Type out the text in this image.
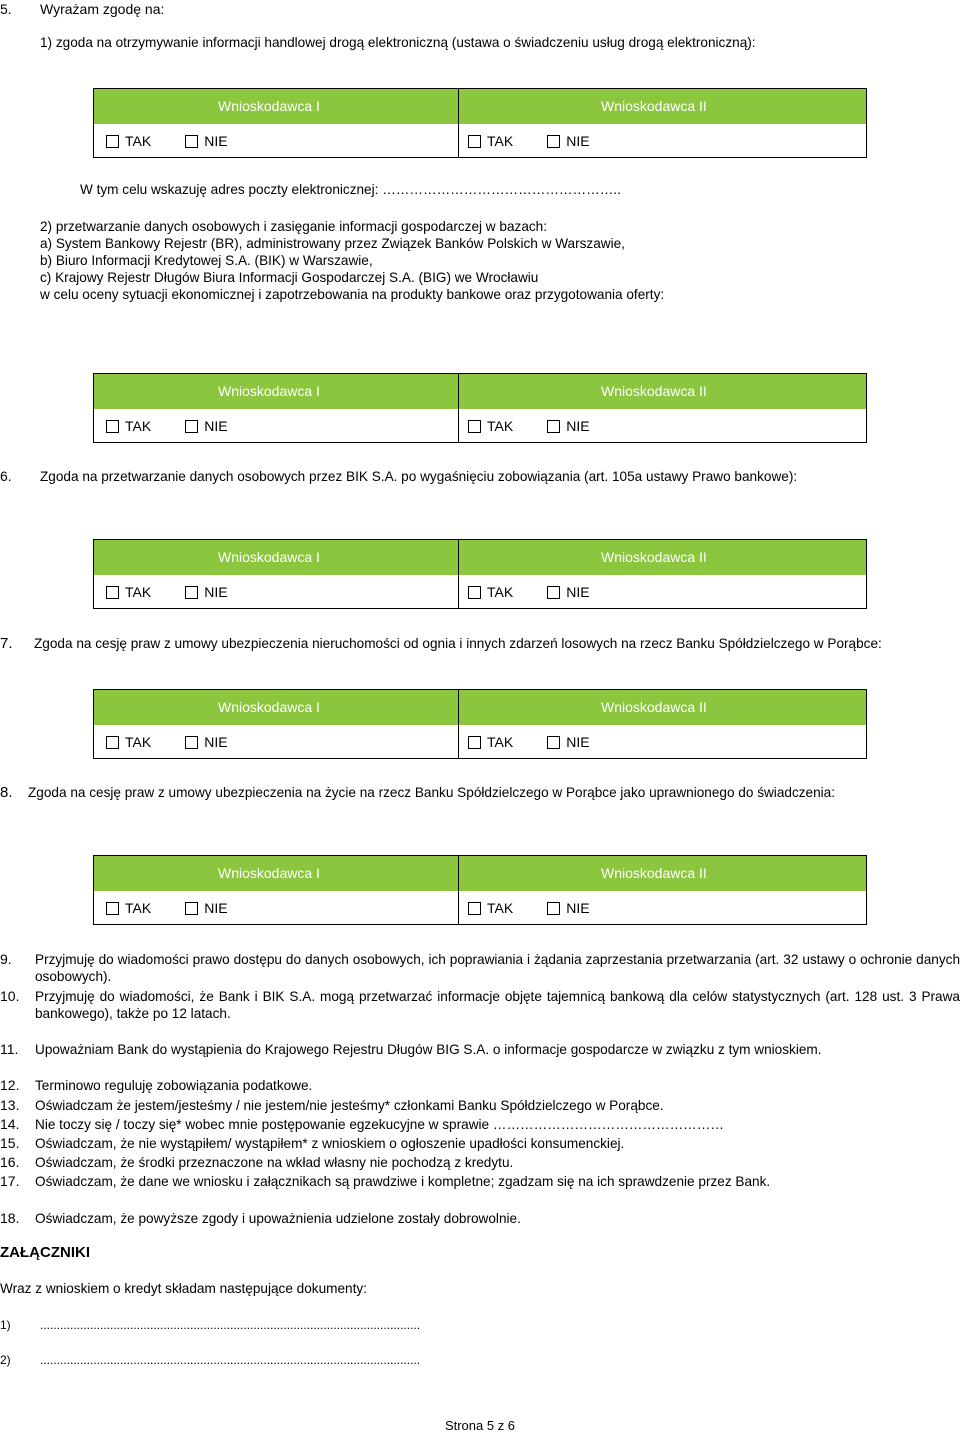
5. Wyrażam zgodę na:
1) zgoda na otrzymywanie informacji handlowej drogą elektroniczną (ustawa o świadczeniu usług drogą elektroniczną):
Wnioskodawca I	Wnioskodawca II
TAK	NIE	TAK	NIE
W tym celu wskazuję adres poczty elektronicznej: ……………………………………………..
2) przetwarzanie danych osobowych i zasięganie informacji gospodarczej w bazach:
a) System Bankowy Rejestr (BR), administrowany przez Związek Banków Polskich w Warszawie,
b) Biuro Informacji Kredytowej S.A. (BIK) w Warszawie,
c) Krajowy Rejestr Długów Biura Informacji Gospodarczej S.A. (BIG) we Wrocławiu
w celu oceny sytuacji ekonomicznej i zapotrzebowania na produkty bankowe oraz przygotowania oferty:
Wnioskodawca I	Wnioskodawca II
TAK	NIE	TAK	NIE
6. Zgoda na przetwarzanie danych osobowych przez BIK S.A. po wygaśnięciu zobowiązania (art. 105a ustawy Prawo bankowe):
Wnioskodawca I	Wnioskodawca II
TAK	NIE	TAK	NIE
7. Zgoda na cesję praw z umowy ubezpieczenia nieruchomości od ognia i innych zdarzeń losowych na rzecz Banku Spółdzielczego w Porąbce:
Wnioskodawca I	Wnioskodawca II
TAK	NIE	TAK	NIE
8. Zgoda na cesję praw z umowy ubezpieczenia na życie na rzecz Banku Spółdzielczego w Porąbce jako uprawnionego do świadczenia:
Wnioskodawca I	Wnioskodawca II
TAK	NIE	TAK	NIE
9. Przyjmuję do wiadomości prawo dostępu do danych osobowych, ich poprawiania i żądania zaprzestania przetwarzania (art. 32 ustawy o ochronie danych osobowych).
10. Przyjmuję do wiadomości, że Bank i BIK S.A. mogą przetwarzać informacje objęte tajemnicą bankową dla celów statystycznych (art. 128 ust. 3 Prawa bankowego), także po 12 latach.
11. Upoważniam Bank do wystąpienia do Krajowego Rejestru Długów BIG S.A. o informacje gospodarcze w związku z tym wnioskiem.
12. Terminowo reguluję zobowiązania podatkowe.
13. Oświadczam że jestem/jesteśmy / nie jestem/nie jesteśmy* członkami Banku Spółdzielczego w Porąbce.
14. Nie toczy się / toczy się* wobec mnie postępowanie egzekucyjne w sprawie ……………………………………………
15. Oświadczam, że nie wystąpiłem/ wystąpiłem* z wnioskiem o ogłoszenie upadłości konsumenckiej.
16. Oświadczam, że środki przeznaczone na wkład własny nie pochodzą z kredytu.
17. Oświadczam, że dane we wniosku i załącznikach są prawdziwe i kompletne; zgadzam się na ich sprawdzenie przez Bank.
18. Oświadczam, że powyższe zgody i upoważnienia udzielone zostały dobrowolnie.
ZAŁĄCZNIKI
Wraz z wnioskiem o kredyt składam następujące dokumenty:
1) ..................................................................................................................
2) ..................................................................................................................
Strona 5 z 6
